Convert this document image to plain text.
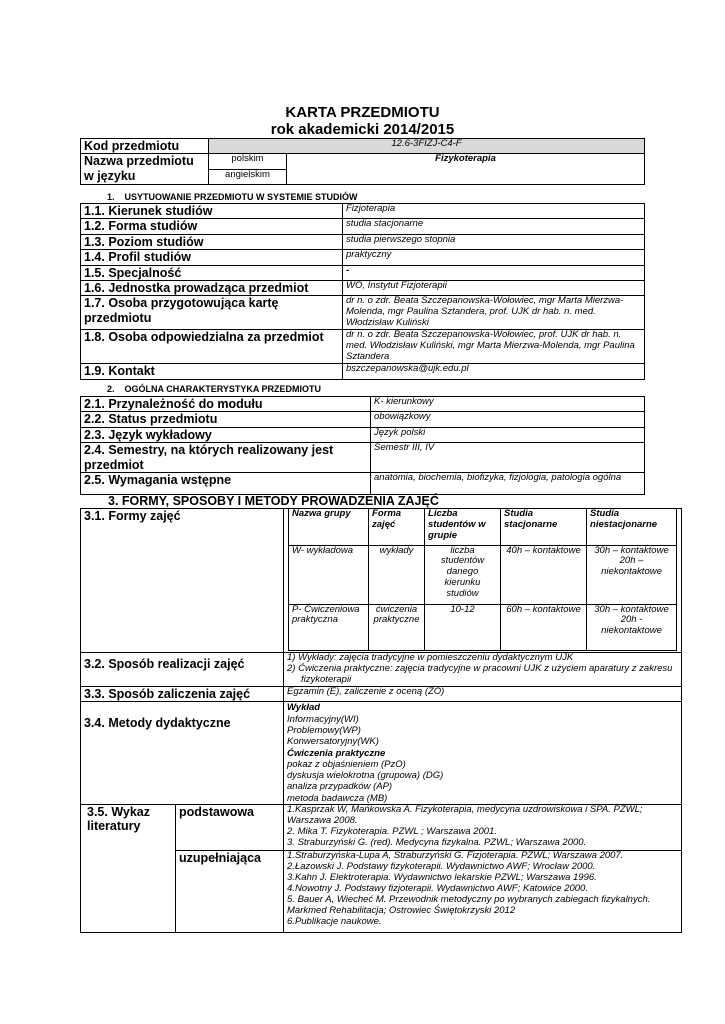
KARTA PRZEDMIOTU
rok akademicki 2014/2015
Kod przedmiotu	12.6-3FIZJ-C4-F	
Nazwa przedmiotu w języku	polskim	Fizykoterapia
	angielskim	
1. USYTUOWANIE PRZEDMIOTU W SYSTEMIE STUDIÓW
1.1. Kierunek studiów	Fizjoterapia
1.2. Forma studiów	studia stacjonarne
1.3. Poziom studiów	studia pierwszego stopnia
1.4. Profil studiów	praktyczny
1.5. Specjalność	-
1.6. Jednostka prowadząca przedmiot	WO, Instytut Fizjoterapii
1.7. Osoba przygotowująca kartę przedmiotu	dr n. o zdr. Beata Szczepanowska-Wołowiec, mgr Marta Mierzwa-Molenda, mgr Paulina Sztandera, prof. UJK dr hab. n. med. Włodzisław Kuliński
1.8. Osoba odpowiedzialna za przedmiot	dr n. o zdr. Beata Szczepanowska-Wołowiec, prof. UJK dr hab. n. med. Włodzisław Kuliński, mgr Marta Mierzwa-Molenda, mgr Paulina Sztandera
1.9. Kontakt	bszczepanowska@ujk.edu.pl
2. OGÓLNA CHARAKTERYSTYKA PRZEDMIOTU
2.1. Przynależność do modułu	K- kierunkowy
2.2. Status przedmiotu	obowiązkowy
2.3. Język wykładowy	Język polski
2.4. Semestry, na których realizowany jest przedmiot	Semestr III, IV
2.5. Wymagania wstępne	anatomia, biochemia, biofizyka, fizjologia, patologia ogólna
3. FORMY, SPOSOBY I METODY PROWADZENIA ZAJĘĆ
3.1. Formy zajęć		Nazwa grupy	Forma zajęć	Liczba studentów w grupie	Studia stacjonarne	Studia niestacjonarne
W- wykładowa	wykłady	liczba studentów danego kierunku studiów	40h – kontaktowe	30h – kontaktowe 20h – niekontaktowe
P- Ćwiczeniowa praktyczna	ćwiczenia praktyczne	10-12	60h – kontaktowe	30h – kontaktowe 20h - niekontaktowe

3.2. Sposób realizacji zajęć	1) Wykłady: zajęcia tradycyjne w pomieszczeniu dydaktycznym UJK
2) Ćwiczenia praktyczne: zajęcia tradycyjne w pracowni UJK z użyciem aparatury z zakresu fizykoterapii

3.3. Sposób zaliczenia zajęć	Egzamin (E), zaliczenie z oceną (ZO)
3.4. Metody dydaktyczne	
Wykład
Informacyjny(WI)
Problemowy(WP)
Konwersatoryjny(WK)
Ćwiczenia praktyczne
pokaz z objaśnieniem (PzO)
dyskusja wielokrotna (grupowa) (DG)
analiza przypadków (AP)
metoda badawcza (MB)

3.5. Wykaz literatury	podstawowa	1.Kasprzak W, Mańkowska A. Fizykoterapia, medycyna uzdrowiskowa i SPA. PZWL; Warszawa 2008.
2. Mika T. Fizykoterapia. PZWL ; Warszawa 2001.
3. Straburzyński G. (red). Medycyna fizykalna. PZWL; Warszawa 2000.

uzupełniająca	1.Straburzyńska-Lupa A, Straburzyński G. Fizjoterapia. PZWL; Warszawa 2007.
2.Łazowski J. Podstawy fizykoterapii. Wydawnictwo AWF; Wrocław 2000.
3.Kahn J. Elektroterapia. Wydawnictwo lekarskie PZWL; Warszawa 1996.
4.Nowotny J. Podstawy fizjoterapii. Wydawnictwo AWF; Katowice 2000.
5. Bauer A, Wiecheć M. Przewodnik metodyczny po wybranych zabiegach fizykalnych. Markmed Rehabilitacja; Ostrowiec Świętokrzyski 2012
6.Publikacje naukowe.
